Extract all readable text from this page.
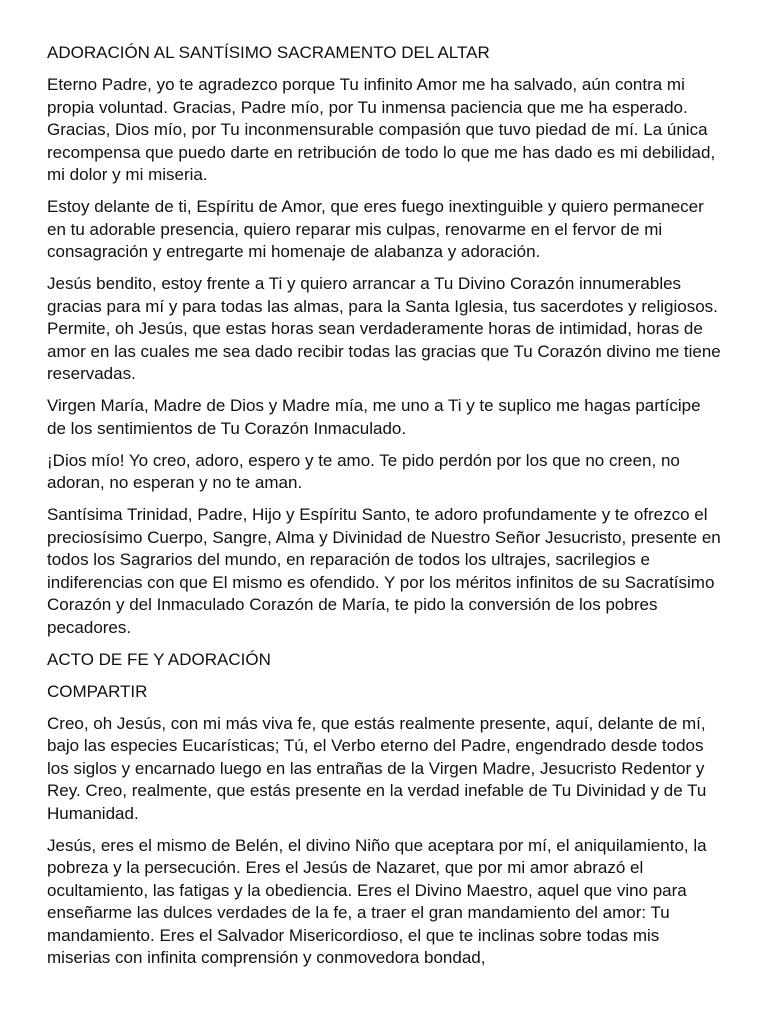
ADORACIÓN AL SANTÍSIMO SACRAMENTO DEL ALTAR

Eterno Padre, yo te agradezco porque Tu infinito Amor me ha salvado, aún contra mi propia voluntad. Gracias, Padre mío, por Tu inmensa paciencia que me ha esperado. Gracias, Dios mío, por Tu inconmensurable compasión que tuvo piedad de mí. La única recompensa que puedo darte en retribución de todo lo que me has dado es mi debilidad, mi dolor y mi miseria.

Estoy delante de ti, Espíritu de Amor, que eres fuego inextinguible y quiero permanecer en tu adorable presencia, quiero reparar mis culpas, renovarme en el fervor de mi consagración y entregarte mi homenaje de alabanza y adoración.

Jesús bendito, estoy frente a Ti y quiero arrancar a Tu Divino Corazón innumerables gracias para mí y para todas las almas, para la Santa Iglesia, tus sacerdotes y religiosos. Permite, oh Jesús, que estas horas sean verdaderamente horas de intimidad, horas de amor en las cuales me sea dado recibir todas las gracias que Tu Corazón divino me tiene reservadas.

Virgen María, Madre de Dios y Madre mía, me uno a Ti y te suplico me hagas partícipe de los sentimientos de Tu Corazón Inmaculado.

¡Dios mío! Yo creo, adoro, espero y te amo. Te pido perdón por los que no creen, no adoran, no esperan y no te aman.

Santísima Trinidad, Padre, Hijo y Espíritu Santo, te adoro profundamente y te ofrezco el preciosísimo Cuerpo, Sangre, Alma y Divinidad de Nuestro Señor Jesucristo, presente en todos los Sagrarios del mundo, en reparación de todos los ultrajes, sacrilegios e indiferencias con que El mismo es ofendido. Y por los méritos infinitos de su Sacratísimo Corazón y del Inmaculado Corazón de María, te pido la conversión de los pobres pecadores.

ACTO DE FE Y ADORACIÓN

COMPARTIR

Creo, oh Jesús, con mi más viva fe, que estás realmente presente, aquí, delante de mí, bajo las especies Eucarísticas; Tú, el Verbo eterno del Padre, engendrado desde todos los siglos y encarnado luego en las entrañas de la Virgen Madre, Jesucristo Redentor y Rey. Creo, realmente, que estás presente en la verdad inefable de Tu Divinidad y de Tu Humanidad.

Jesús, eres el mismo de Belén, el divino Niño que aceptara por mí, el aniquilamiento, la pobreza y la persecución. Eres el Jesús de Nazaret, que por mi amor abrazó el ocultamiento, las fatigas y la obediencia. Eres el Divino Maestro, aquel que vino para enseñarme las dulces verdades de la fe, a traer el gran mandamiento del amor: Tu mandamiento. Eres el Salvador Misericordioso, el que te inclinas sobre todas mis miserias con infinita comprensión y conmovedora bondad,
